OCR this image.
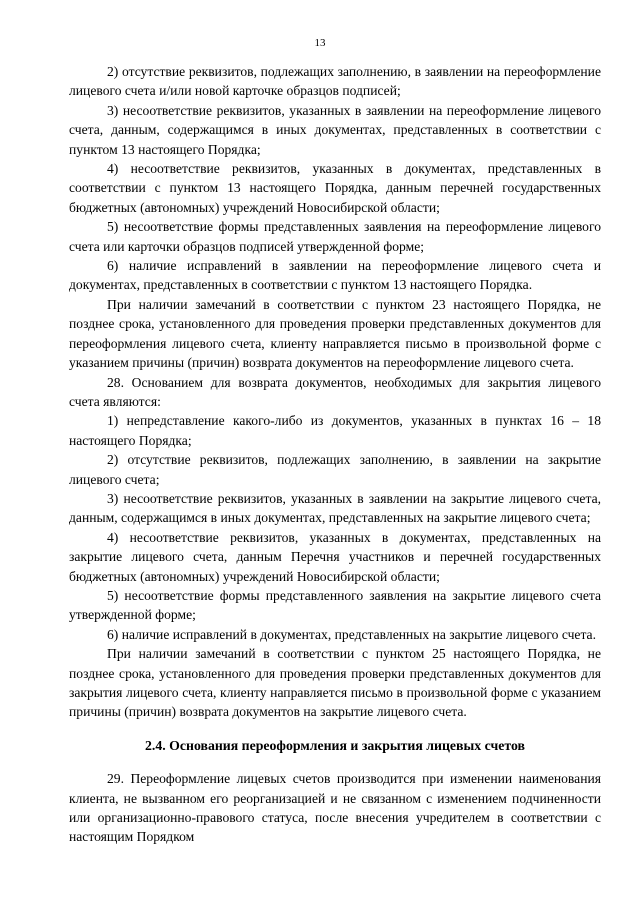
13

2) отсутствие реквизитов, подлежащих заполнению, в заявлении на переоформление лицевого счета и/или новой карточке образцов подписей;

3) несоответствие реквизитов, указанных в заявлении на переоформление лицевого счета, данным, содержащимся в иных документах, представленных в соответствии с пунктом 13 настоящего Порядка;

4) несоответствие реквизитов, указанных в документах, представленных в соответствии с пунктом 13 настоящего Порядка, данным перечней государственных бюджетных (автономных) учреждений Новосибирской области;

5) несоответствие формы представленных заявления на переоформление лицевого счета или карточки образцов подписей утвержденной форме;

6) наличие исправлений в заявлении на переоформление лицевого счета и документах, представленных в соответствии с пунктом 13 настоящего Порядка.

При наличии замечаний в соответствии с пунктом 23 настоящего Порядка, не позднее срока, установленного для проведения проверки представленных документов для переоформления лицевого счета, клиенту направляется письмо в произвольной форме с указанием причины (причин) возврата документов на переоформление лицевого счета.

28. Основанием для возврата документов, необходимых для закрытия лицевого счета являются:

1) непредставление какого-либо из документов, указанных в пунктах 16 – 18 настоящего Порядка;

2) отсутствие реквизитов, подлежащих заполнению, в заявлении на закрытие лицевого счета;

3) несоответствие реквизитов, указанных в заявлении на закрытие лицевого счета, данным, содержащимся в иных документах, представленных на закрытие лицевого счета;

4) несоответствие реквизитов, указанных в документах, представленных на закрытие лицевого счета, данным Перечня участников и перечней государственных бюджетных (автономных) учреждений Новосибирской области;

5) несоответствие формы представленного заявления на закрытие лицевого счета утвержденной форме;

6) наличие исправлений в документах, представленных на закрытие лицевого счета.

При наличии замечаний в соответствии с пунктом 25 настоящего Порядка, не позднее срока, установленного для проведения проверки представленных документов для закрытия лицевого счета, клиенту направляется письмо в произвольной форме с указанием причины (причин) возврата документов на закрытие лицевого счета.

2.4. Основания переоформления и закрытия лицевых счетов

29. Переоформление лицевых счетов производится при изменении наименования клиента, не вызванном его реорганизацией и не связанном с изменением подчиненности или организационно-правового статуса, после внесения учредителем в соответствии с настоящим Порядком
